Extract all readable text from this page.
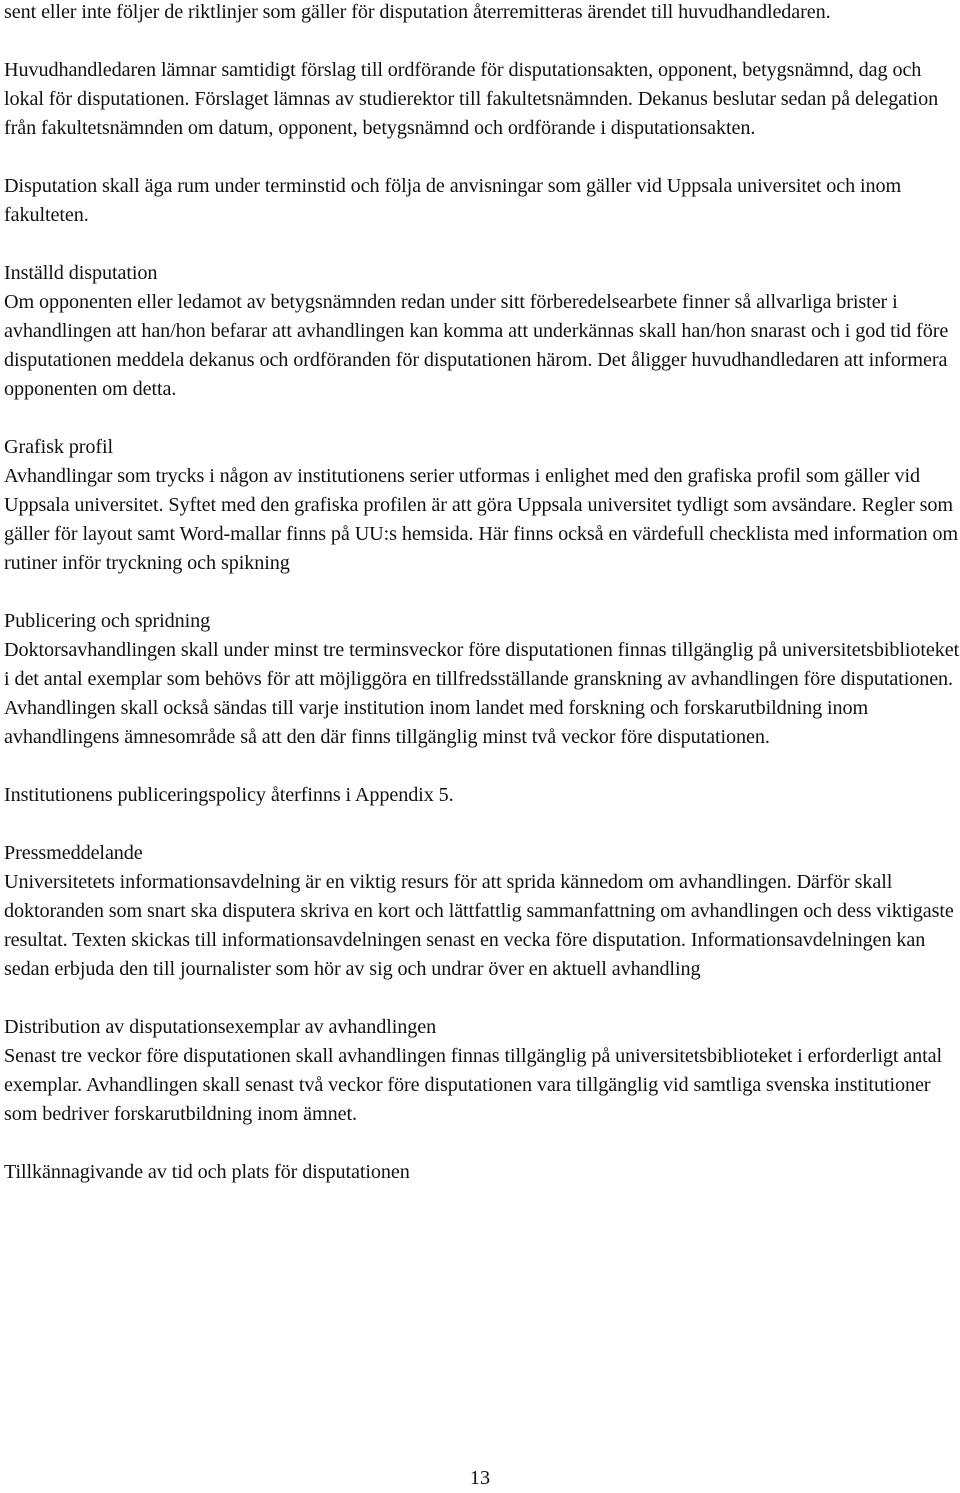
sent eller inte följer de riktlinjer som gäller för disputation återremitteras ärendet till huvudhandledaren.

Huvudhandledaren lämnar samtidigt förslag till ordförande för disputationsakten, opponent, betygsnämnd, dag och lokal för disputationen. Förslaget lämnas av studierektor till fakultetsnämnden. Dekanus beslutar sedan på delegation från fakultetsnämnden om datum, opponent, betygsnämnd och ordförande i disputationsakten.

Disputation skall äga rum under terminstid och följa de anvisningar som gäller vid Uppsala universitet och inom fakulteten.

Inställd disputation

Om opponenten eller ledamot av betygsnämnden redan under sitt förberedelsearbete finner så allvarliga brister i avhandlingen att han/hon befarar att avhandlingen kan komma att underkännas skall han/hon snarast och i god tid före disputationen meddela dekanus och ordföranden för disputationen härom. Det åligger huvudhandledaren att informera opponenten om detta.

Grafisk profil

Avhandlingar som trycks i någon av institutionens serier utformas i enlighet med den grafiska profil som gäller vid Uppsala universitet. Syftet med den grafiska profilen är att göra Uppsala universitet tydligt som avsändare. Regler som gäller för layout samt Word-mallar finns på UU:s hemsida. Här finns också en värdefull checklista med information om rutiner inför tryckning och spikning

Publicering och spridning

Doktorsavhandlingen skall under minst tre terminsveckor före disputationen finnas tillgänglig på universitetsbiblioteket i det antal exemplar som behövs för att möjliggöra en tillfredsställande granskning av avhandlingen före disputationen. Avhandlingen skall också sändas till varje institution inom landet med forskning och forskarutbildning inom avhandlingens ämnesområde så att den där finns tillgänglig minst två veckor före disputationen.

Institutionens publiceringspolicy återfinns i Appendix 5.

Pressmeddelande

Universitetets informationsavdelning är en viktig resurs för att sprida kännedom om avhandlingen. Därför skall doktoranden som snart ska disputera skriva en kort och lättfattlig sammanfattning om avhandlingen och dess viktigaste resultat. Texten skickas till informationsavdelningen senast en vecka före disputation. Informationsavdelningen kan sedan erbjuda den till journalister som hör av sig och undrar över en aktuell avhandling

Distribution av disputationsexemplar av avhandlingen

Senast tre veckor före disputationen skall avhandlingen finnas tillgänglig på universitetsbiblioteket i erforderligt antal exemplar. Avhandlingen skall senast två veckor före disputationen vara tillgänglig vid samtliga svenska institutioner som bedriver forskarutbildning inom ämnet.

Tillkännagivande av tid och plats för disputationen

13
